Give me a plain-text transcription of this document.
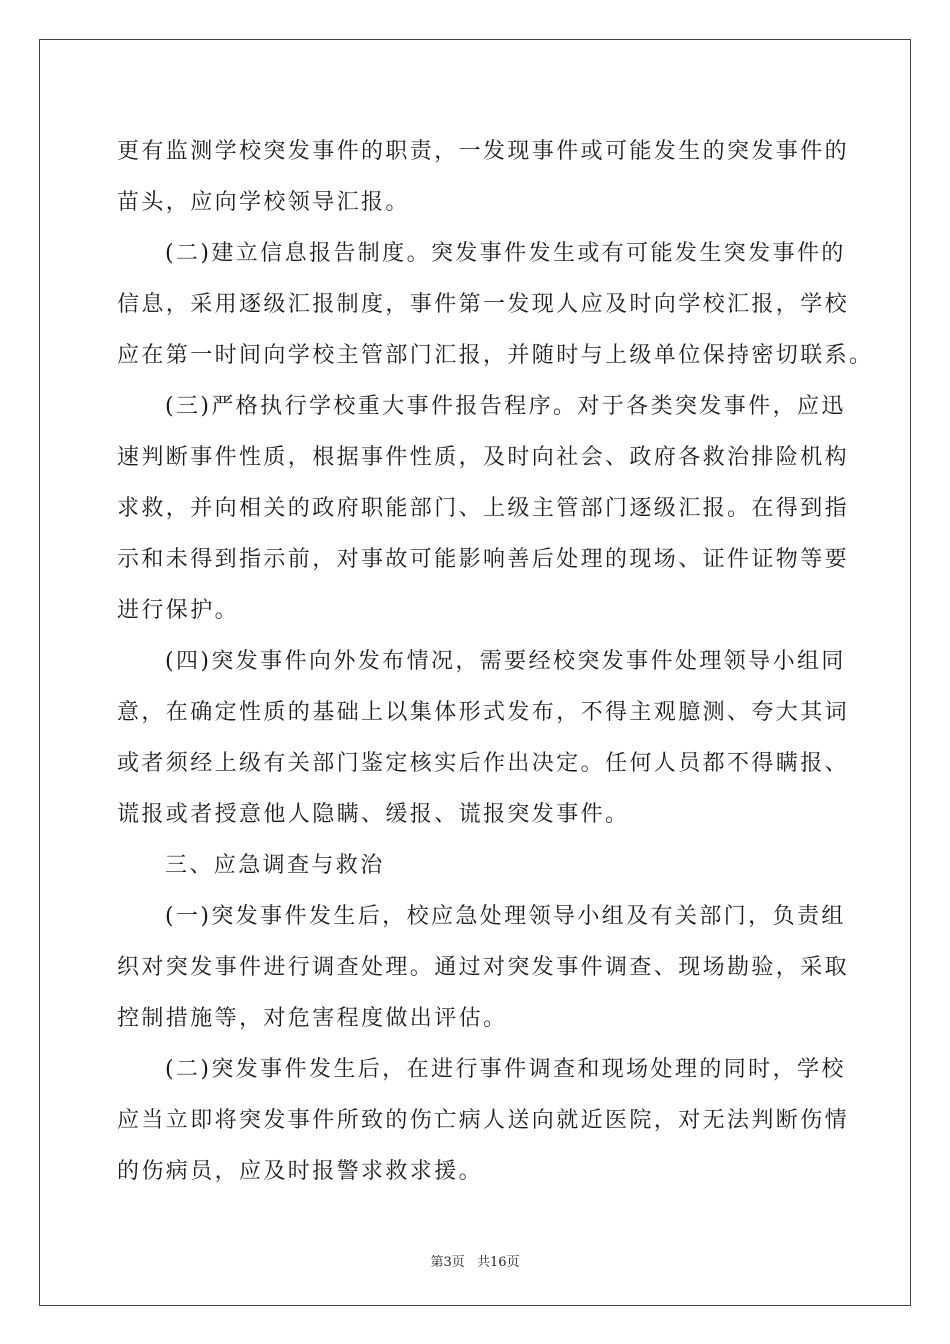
更有监测学校突发事件的职责，一发现事件或可能发生的突发事件的
苗头，应向学校领导汇报。
(二)建立信息报告制度。突发事件发生或有可能发生突发事件的
信息，采用逐级汇报制度，事件第一发现人应及时向学校汇报，学校
应在第一时间向学校主管部门汇报，并随时与上级单位保持密切联系。
(三)严格执行学校重大事件报告程序。对于各类突发事件，应迅
速判断事件性质，根据事件性质，及时向社会、政府各救治排险机构
求救，并向相关的政府职能部门、上级主管部门逐级汇报。在得到指
示和未得到指示前，对事故可能影响善后处理的现场、证件证物等要
进行保护。
(四)突发事件向外发布情况，需要经校突发事件处理领导小组同
意，在确定性质的基础上以集体形式发布，不得主观臆测、夸大其词
或者须经上级有关部门鉴定核实后作出决定。任何人员都不得瞒报、
谎报或者授意他人隐瞒、缓报、谎报突发事件。
三、应急调查与救治
(一)突发事件发生后，校应急处理领导小组及有关部门，负责组
织对突发事件进行调查处理。通过对突发事件调查、现场勘验，采取
控制措施等，对危害程度做出评估。
(二)突发事件发生后，在进行事件调查和现场处理的同时，学校
应当立即将突发事件所致的伤亡病人送向就近医院，对无法判断伤情
的伤病员，应及时报警求救求援。
第3页 共16页
